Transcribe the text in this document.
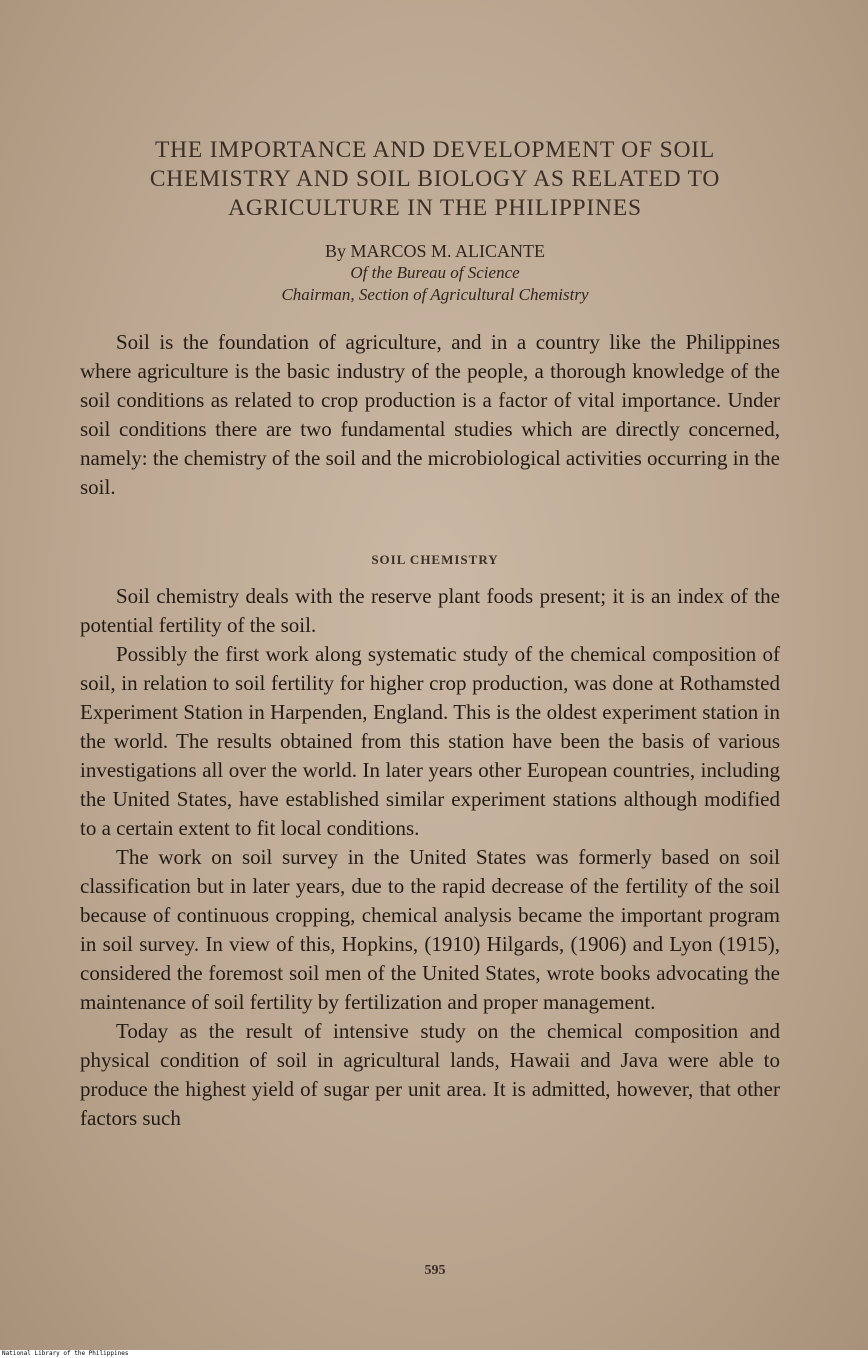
THE IMPORTANCE AND DEVELOPMENT OF SOIL
CHEMISTRY AND SOIL BIOLOGY AS RELATED TO
AGRICULTURE IN THE PHILIPPINES
By MARCOS M. ALICANTE
Of the Bureau of Science
Chairman, Section of Agricultural Chemistry

Soil is the foundation of agriculture, and in a country like the Philippines where agriculture is the basic industry of the people, a thorough knowledge of the soil conditions as related to crop production is a factor of vital importance. Under soil conditions there are two fundamental studies which are directly concerned, namely: the chemistry of the soil and the microbiological activities occurring in the soil.

SOIL CHEMISTRY

Soil chemistry deals with the reserve plant foods present; it is an index of the potential fertility of the soil.

Possibly the first work along systematic study of the chemical composition of soil, in relation to soil fertility for higher crop production, was done at Rothamsted Experiment Station in Harpenden, England. This is the oldest experiment station in the world. The results obtained from this station have been the basis of various investigations all over the world. In later years other European countries, including the United States, have established similar experiment stations although modified to a certain extent to fit local conditions.

The work on soil survey in the United States was formerly based on soil classification but in later years, due to the rapid decrease of the fertility of the soil because of continuous cropping, chemical analysis became the important program in soil survey. In view of this, Hopkins, (1910) Hilgards, (1906) and Lyon (1915), considered the foremost soil men of the United States, wrote books advocating the maintenance of soil fertility by fertilization and proper management.

Today as the result of intensive study on the chemical composition and physical condition of soil in agricultural lands, Hawaii and Java were able to produce the highest yield of sugar per unit area. It is admitted, however, that other factors such

595
National Library of the Philippines
